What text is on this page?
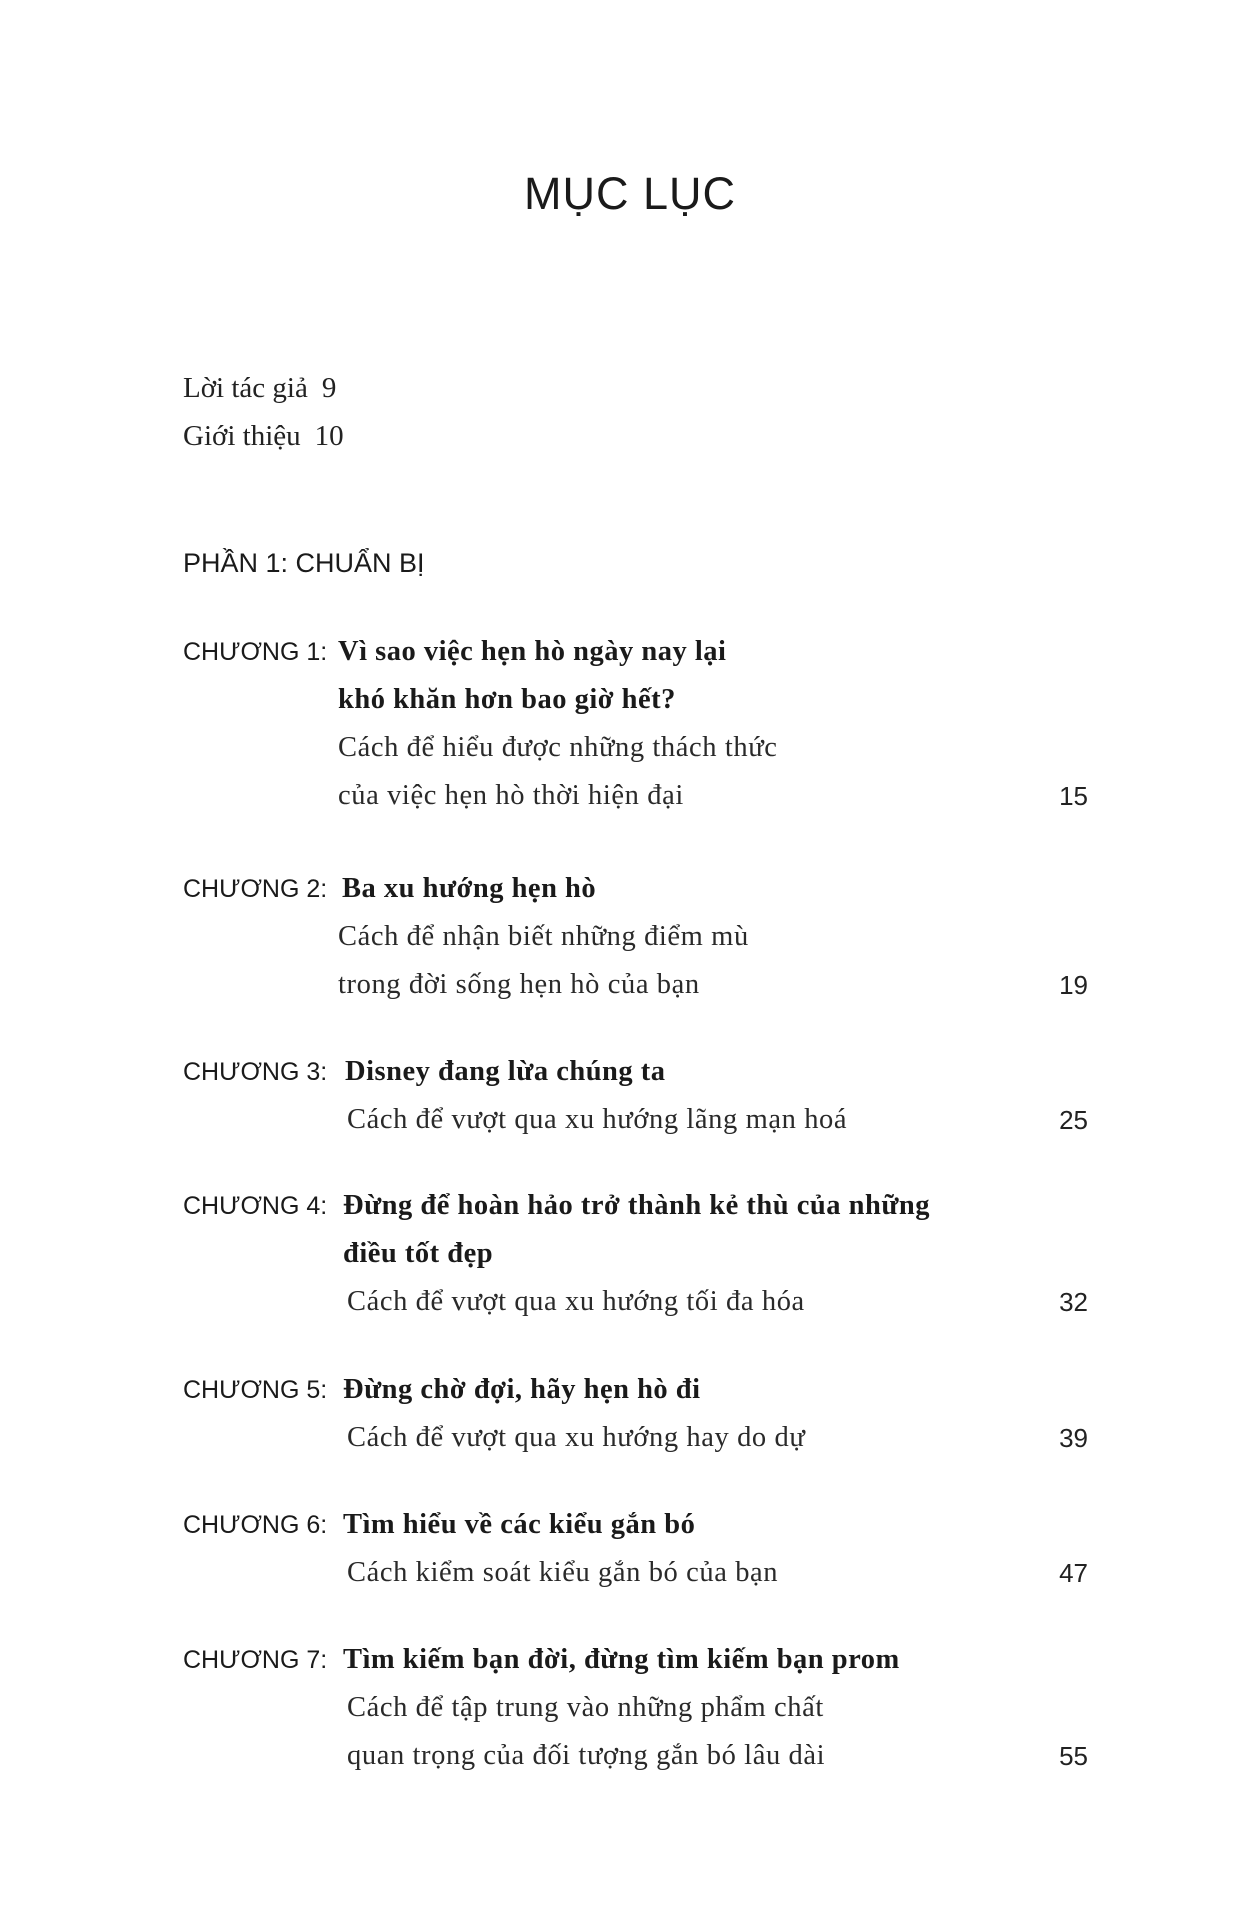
MỤC LỤC
Lời tác giả 9
Giới thiệu 10
PHẦN 1: CHUẨN BỊ
CHƯƠNG 1: Vì sao việc hẹn hò ngày nay lại
khó khăn hơn bao giờ hết?
Cách để hiểu được những thách thức
của việc hẹn hò thời hiện đại	15
CHƯƠNG 2: Ba xu hướng hẹn hò
Cách để nhận biết những điểm mù
trong đời sống hẹn hò của bạn	19
CHƯƠNG 3: Disney đang lừa chúng ta
Cách để vượt qua xu hướng lãng mạn hoá	25
CHƯƠNG 4: Đừng để hoàn hảo trở thành kẻ thù của những
điều tốt đẹp
Cách để vượt qua xu hướng tối đa hóa	32
CHƯƠNG 5: Đừng chờ đợi, hãy hẹn hò đi
Cách để vượt qua xu hướng hay do dự	39
CHƯƠNG 6: Tìm hiểu về các kiểu gắn bó
Cách kiểm soát kiểu gắn bó của bạn	47
CHƯƠNG 7: Tìm kiếm bạn đời, đừng tìm kiếm bạn prom
Cách để tập trung vào những phẩm chất
quan trọng của đối tượng gắn bó lâu dài	55
